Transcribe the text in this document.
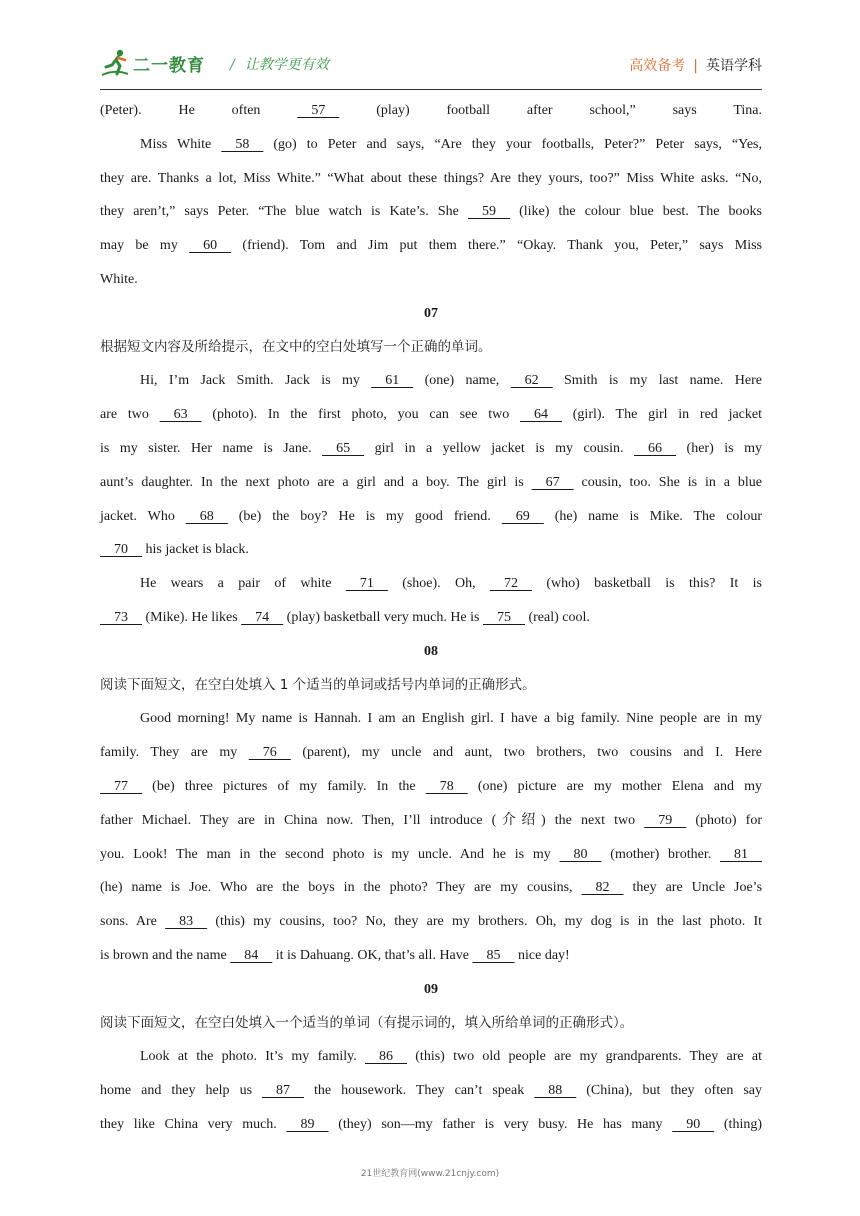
二一教育 / 让教学更有效	高效备考 | 英语学科
(Peter). He often     57     (play) football after school,” says Tina.
Miss White     58     (go) to Peter and says, “Are they your footballs, Peter?” Peter says, “Yes,
they are. Thanks a lot, Miss White.” “What about these things? Are they yours, too?” Miss White asks. “No,
they aren’t,” says Peter. “The blue watch is Kate’s. She     59     (like) the colour blue best. The books
may be my     60     (friend). Tom and Jim put them there.” “Okay. Thank you, Peter,” says Miss
White.
07
根据短文内容及所给提示，在文中的空白处填写一个正确的单词。
Hi, I’m Jack Smith. Jack is my     61     (one) name,     62     Smith is my last name. Here
are two     63     (photo). In the first photo, you can see two     64     (girl). The girl in red jacket
is my sister. Her name is Jane.     65     girl in a yellow jacket is my cousin.     66     (her) is my
aunt’s daughter. In the next photo are a girl and a boy. The girl is     67     cousin, too. She is in a blue
jacket. Who     68     (be) the boy? He is my good friend.     69     (he) name is Mike. The colour
70     his jacket is black.
He wears a pair of white     71     (shoe). Oh,     72     (who) basketball is this? It is
73     (Mike). He likes     74     (play) basketball very much. He is     75     (real) cool.
08
阅读下面短文，在空白处填入 1 个适当的单词或括号内单词的正确形式。
Good morning! My name is Hannah. I am an English girl. I have a big family. Nine people are in my
family. They are my     76     (parent), my uncle and aunt, two brothers, two cousins and I. Here
77     (be) three pictures of my family. In the     78     (one) picture are my mother Elena and my
father Michael. They are in China now. Then, I’ll introduce (介绍) the next two     79     (photo) for
you. Look! The man in the second photo is my uncle. And he is my     80     (mother) brother.     81
(he) name is Joe. Who are the boys in the photo? They are my cousins,     82     they are Uncle Joe’s
sons. Are     83     (this) my cousins, too? No, they are my brothers. Oh, my dog is in the last photo. It
is brown and the name     84     it is Dahuang. OK, that’s all. Have     85     nice day!
09
阅读下面短文，在空白处填入一个适当的单词（有提示词的，填入所给单词的正确形式）。
Look at the photo. It’s my family.     86     (this) two old people are my grandparents. They are at
home and they help us     87     the housework. They can’t speak     88     (China), but they often say
they like China very much.     89     (they) son—my father is very busy. He has many     90     (thing)
21世纪教育网(www.21cnjy.com)
